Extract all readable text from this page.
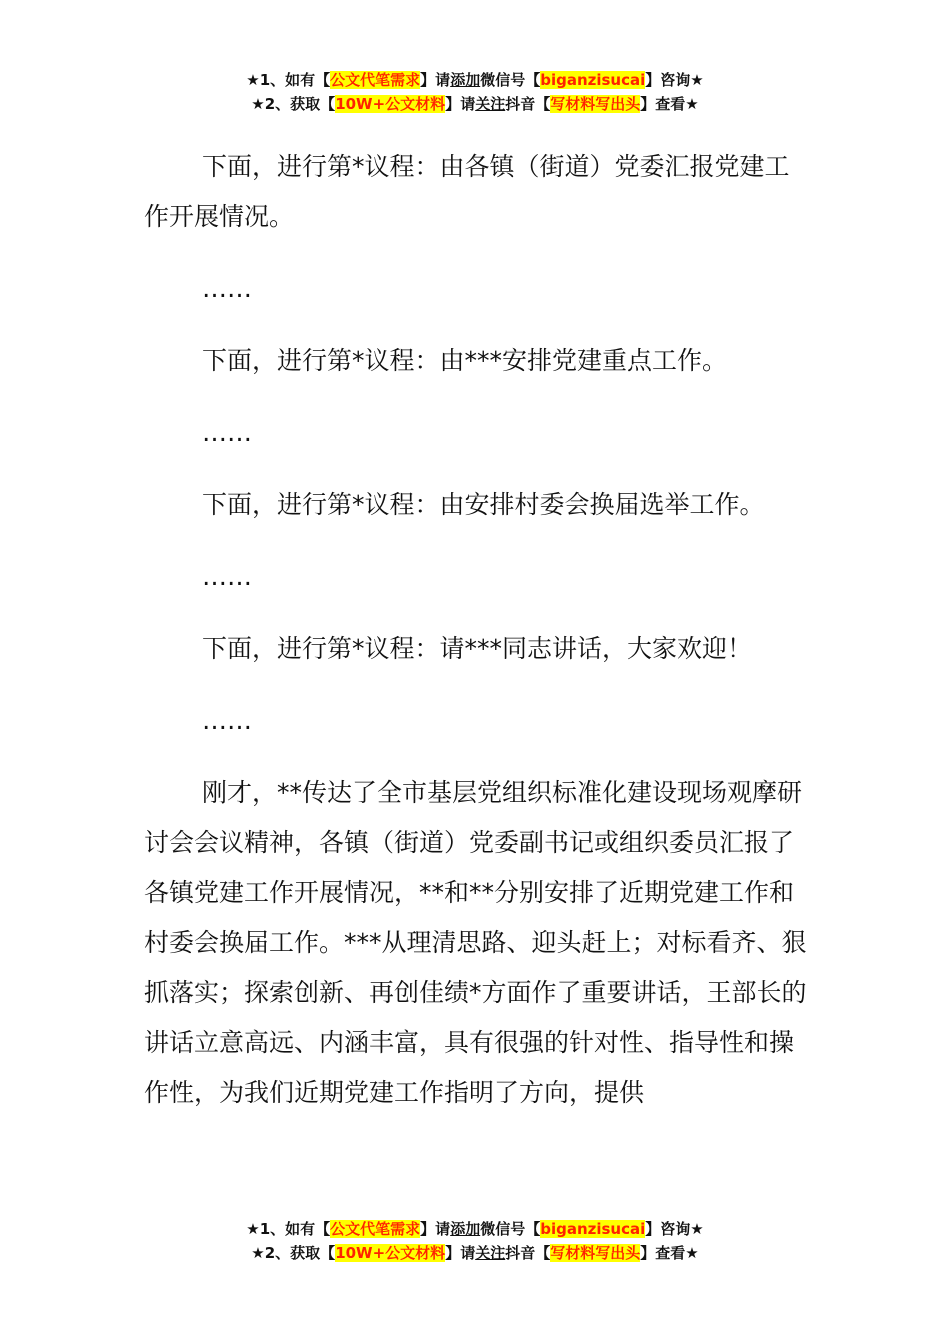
★1、如有【公文代笔需求】请添加微信号【biganzisucai】咨询★
★2、获取【10W+公文材料】请关注抖音【写材料写出头】查看★

下面，进行第*议程：由各镇（街道）党委汇报党建工作开展情况。

……

下面，进行第*议程：由***安排党建重点工作。

……

下面，进行第*议程：由安排村委会换届选举工作。

……

下面，进行第*议程：请***同志讲话，大家欢迎！

……

刚才，**传达了全市基层党组织标准化建设现场观摩研讨会会议精神，各镇（街道）党委副书记或组织委员汇报了各镇党建工作开展情况，**和**分别安排了近期党建工作和村委会换届工作。***从理清思路、迎头赶上；对标看齐、狠抓落实；探索创新、再创佳绩*方面作了重要讲话，王部长的讲话立意高远、内涵丰富，具有很强的针对性、指导性和操作性，为我们近期党建工作指明了方向，提供

★1、如有【公文代笔需求】请添加微信号【biganzisucai】咨询★
★2、获取【10W+公文材料】请关注抖音【写材料写出头】查看★
